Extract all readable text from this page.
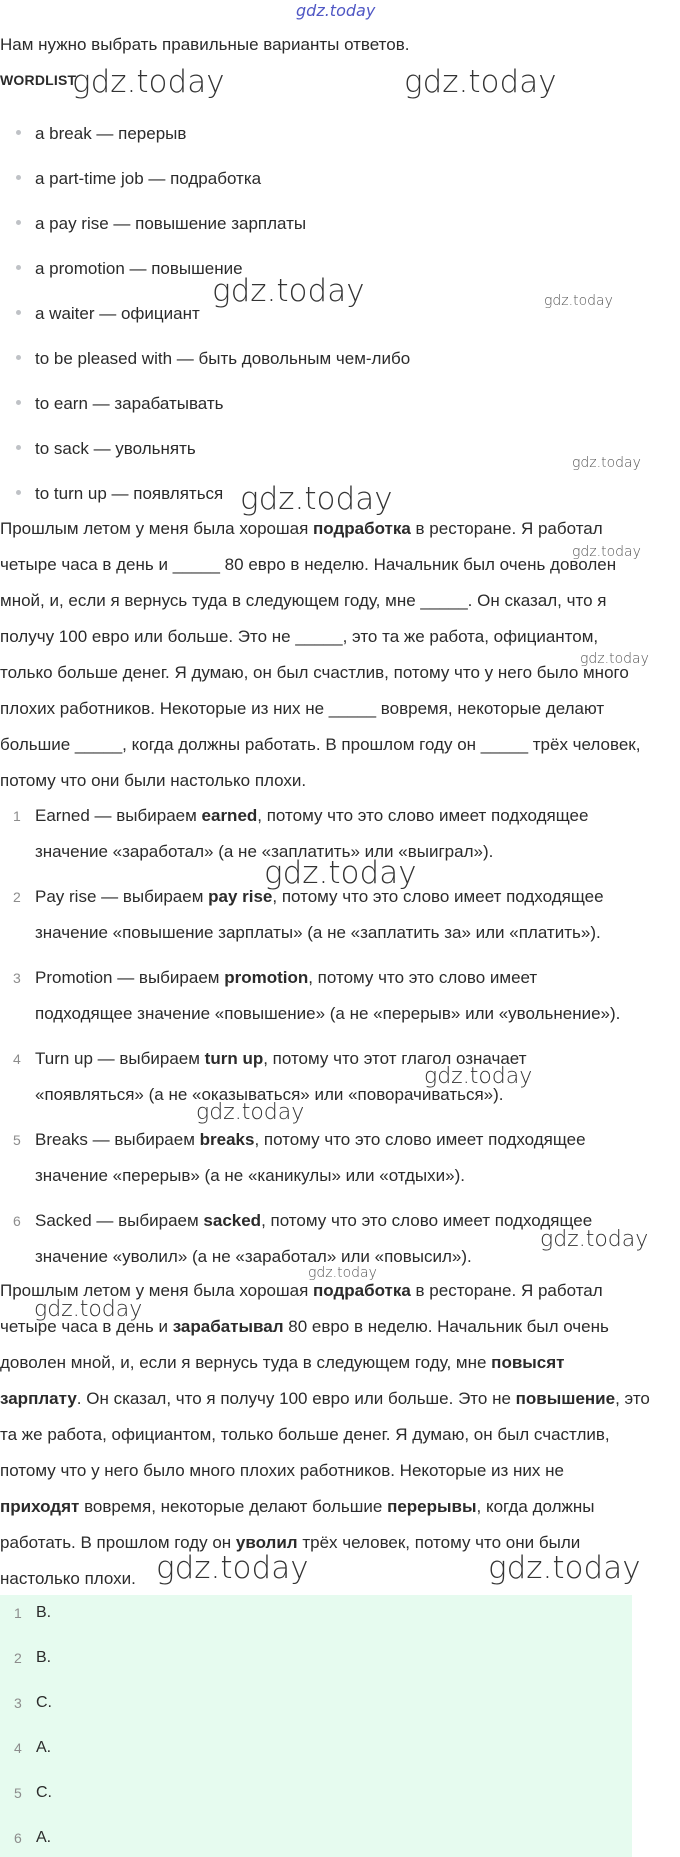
gdz.today
gdz.today	gdz.today
gdz.today	gdz.today
gdz.today
gdz.today
gdz.today
gdz.today
gdz.today
gdz.today
gdz.today
gdz.today
gdz.today
gdz.today
gdz.today	gdz.today

Нам нужно выбрать правильные варианты ответов.

WORDLIST
a break — перерыв
a part-time job — подработка
a pay rise — повышение зарплаты
a promotion — повышение
a waiter — официант
to be pleased with — быть довольным чем-либо
to earn — зарабатывать
to sack — увольнять
to turn up — появляться
Прошлым летом у меня была хорошая подработка в ресторане. Я работал
четыре часа в день и _____ 80 евро в неделю. Начальник был очень доволен
мной, и, если я вернусь туда в следующем году, мне _____. Он сказал, что я
получу 100 евро или больше. Это не _____, это та же работа, официантом,
только больше денег. Я думаю, он был счастлив, потому что у него было много
плохих работников. Некоторые из них не _____ вовремя, некоторые делают
большие _____, когда должны работать. В прошлом году он _____ трёх человек,
потому что они были настолько плохи.
1 Earned — выбираем earned, потому что это слово имеет подходящее
значение «заработал» (а не «заплатить» или «выиграл»).
2 Pay rise — выбираем pay rise, потому что это слово имеет подходящее
значение «повышение зарплаты» (а не «заплатить за» или «платить»).
3 Promotion — выбираем promotion, потому что это слово имеет
подходящее значение «повышение» (а не «перерыв» или «увольнение»).
4 Turn up — выбираем turn up, потому что этот глагол означает
«появляться» (а не «оказываться» или «поворачиваться»).
5 Breaks — выбираем breaks, потому что это слово имеет подходящее
значение «перерыв» (а не «каникулы» или «отдыхи»).
6 Sacked — выбираем sacked, потому что это слово имеет подходящее
значение «уволил» (а не «заработал» или «повысил»).
Прошлым летом у меня была хорошая подработка в ресторане. Я работал
четыре часа в день и зарабатывал 80 евро в неделю. Начальник был очень
доволен мной, и, если я вернусь туда в следующем году, мне повысят
зарплату. Он сказал, что я получу 100 евро или больше. Это не повышение, это
та же работа, официантом, только больше денег. Я думаю, он был счастлив,
потому что у него было много плохих работников. Некоторые из них не
приходят вовремя, некоторые делают большие перерывы, когда должны
работать. В прошлом году он уволил трёх человек, потому что они были
настолько плохи.
1 B.
2 B.
3 C.
4 A.
5 C.
6 A.
